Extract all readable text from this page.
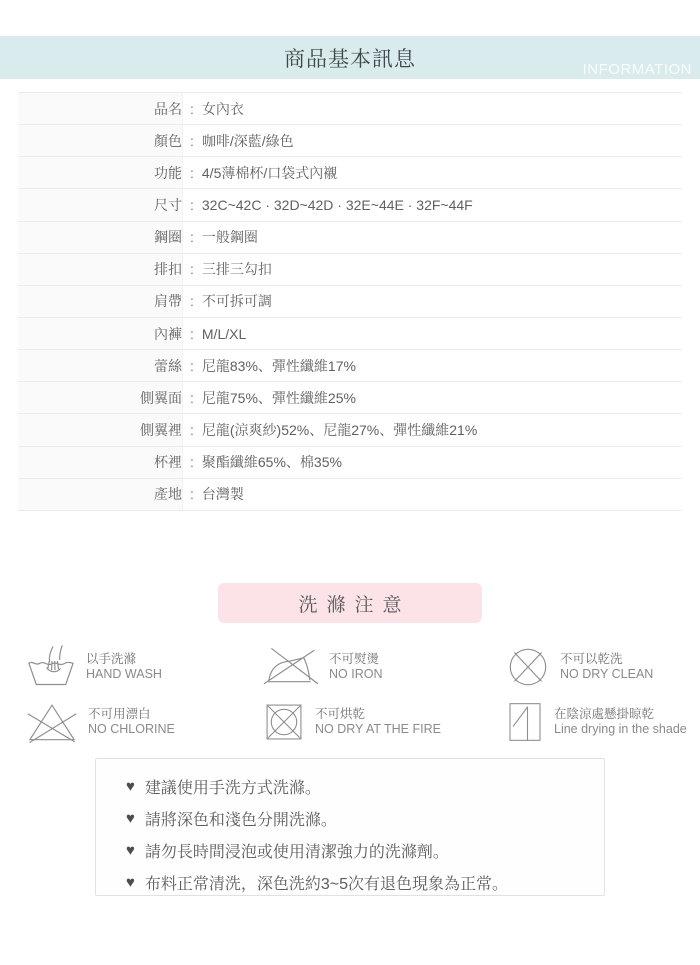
商品基本訊息	INFORMATION
品名 : 女內衣
顏色 : 咖啡/深藍/綠色
功能 : 4/5薄棉杯/口袋式內襯
尺寸 : 32C~42C · 32D~42D · 32E~44E · 32F~44F
鋼圈 : 一般鋼圈
排扣 : 三排三勾扣
肩帶 : 不可拆可調
內褲 : M/L/XL
蕾絲 : 尼龍83%、彈性纖維17%
側翼面 : 尼龍75%、彈性纖維25%
側翼裡 : 尼龍(涼爽紗)52%、尼龍27%、彈性纖維21%
杯裡 : 聚酯纖維65%、棉35%
產地 : 台灣製
洗滌注意
以手洗滌
HAND WASH
不可熨燙
NO IRON
不可以乾洗
NO DRY CLEAN
不可用漂白
NO CHLORINE
不可烘乾
NO DRY AT THE FIRE
在陰涼處懸掛晾乾
Line drying in the shade
♥ 建議使用手洗方式洗滌。
♥ 請將深色和淺色分開洗滌。
♥ 請勿長時間浸泡或使用清潔強力的洗滌劑。
♥ 布料正常清洗，深色洗約3~5次有退色現象為正常。
